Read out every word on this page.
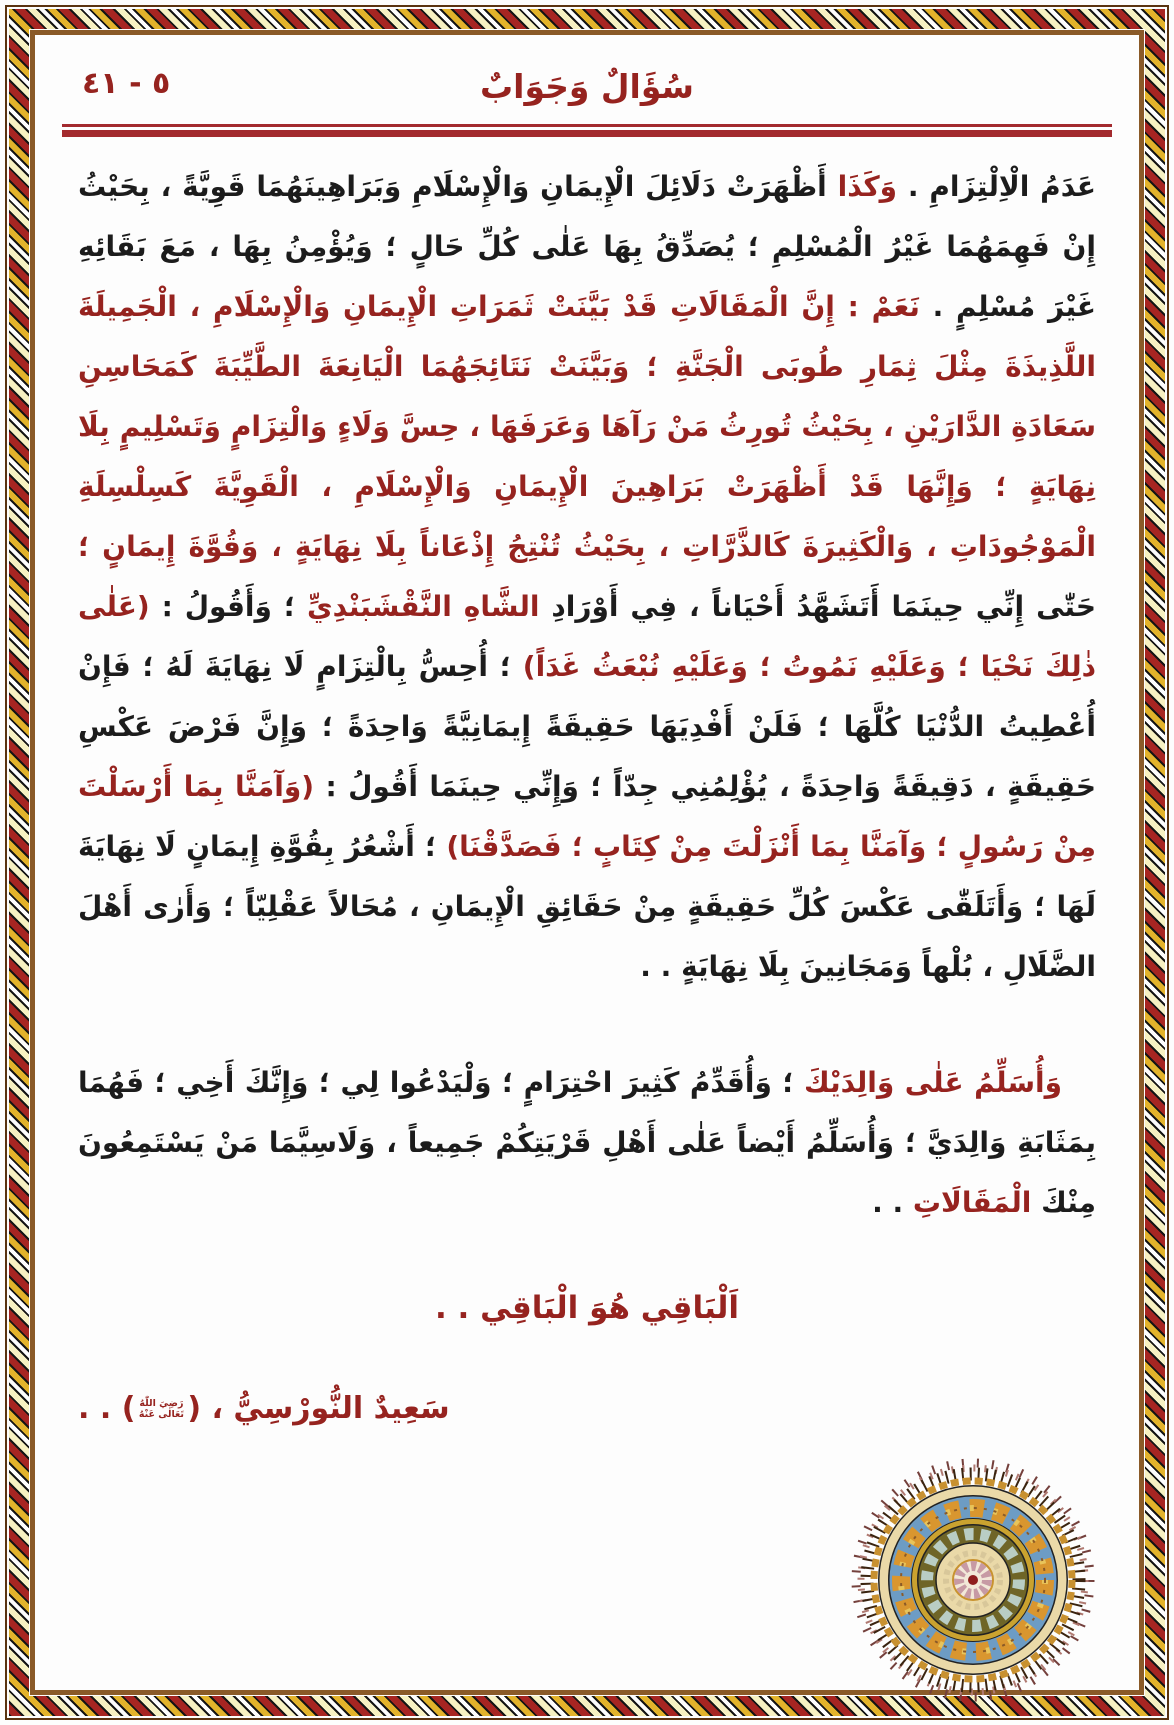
٥ - ٤١	سُؤَالٌ وَجَوَابٌ

عَدَمُ الْاِلْتِزَامِ . وَكَذَا أَظْهَرَتْ دَلَائِلَ الْإِيمَانِ وَالْإِسْلَامِ وَبَرَاهِينَهُمَا قَوِيَّةً ، بِحَيْثُ إِنْ فَهِمَهُمَا غَيْرُ الْمُسْلِمِ ؛ يُصَدِّقُ بِهَا عَلٰى كُلِّ حَالٍ ؛ وَيُؤْمِنُ بِهَا ، مَعَ بَقَائِهِ غَيْرَ مُسْلِمٍ . نَعَمْ : إِنَّ الْمَقَالَاتِ قَدْ بَيَّنَتْ ثَمَرَاتِ الْإِيمَانِ وَالْإِسْلَامِ ، الْجَمِيلَةَ اللَّذِيذَةَ مِثْلَ ثِمَارِ طُوبَى الْجَنَّةِ ؛ وَبَيَّنَتْ نَتَائِجَهُمَا الْيَانِعَةَ الطَّيِّبَةَ كَمَحَاسِنِ سَعَادَةِ الدَّارَيْنِ ، بِحَيْثُ تُورِثُ مَنْ رَآهَا وَعَرَفَهَا ، حِسَّ وَلَاءٍ وَالْتِزَامٍ وَتَسْلِيمٍ بِلَا نِهَايَةٍ ؛ وَإِنَّهَا قَدْ أَظْهَرَتْ بَرَاهِينَ الْإِيمَانِ وَالْإِسْلَامِ ، الْقَوِيَّةَ كَسِلْسِلَةِ الْمَوْجُودَاتِ ، وَالْكَثِيرَةَ كَالذَّرَّاتِ ، بِحَيْثُ تُنْتِجُ إِذْعَاناً بِلَا نِهَايَةٍ ، وَقُوَّةَ إِيمَانٍ ؛ حَتّٰى إِنِّي حِينَمَا أَتَشَهَّدُ أَحْيَاناً ، فِي أَوْرَادِ الشَّاهِ النَّقْشَبَنْدِيِّ ؛ وَأَقُولُ : (عَلٰى ذٰلِكَ نَحْيَا ؛ وَعَلَيْهِ نَمُوتُ ؛ وَعَلَيْهِ نُبْعَثُ غَدَاً) ؛ أُحِسُّ بِالْتِزَامٍ لَا نِهَايَةَ لَهُ ؛ فَإِنْ أُعْطِيتُ الدُّنْيَا كُلَّهَا ؛ فَلَنْ أَفْدِيَهَا حَقِيقَةً إِيمَانِيَّةً وَاحِدَةً ؛ وَإِنَّ فَرْضَ عَكْسِ حَقِيقَةٍ ، دَقِيقَةً وَاحِدَةً ، يُؤْلِمُنِي جِدّاً ؛ وَإِنِّي حِينَمَا أَقُولُ : (وَآمَنَّا بِمَا أَرْسَلْتَ مِنْ رَسُولٍ ؛ وَآمَنَّا بِمَا أَنْزَلْتَ مِنْ كِتَابٍ ؛ فَصَدَّقْنَا) ؛ أَشْعُرُ بِقُوَّةِ إِيمَانٍ لَا نِهَايَةَ لَهَا ؛ وَأَتَلَقّٰى عَكْسَ كُلِّ حَقِيقَةٍ مِنْ حَقَائِقِ الْإِيمَانِ ، مُحَالاً عَقْلِيّاً ؛ وَأَرٰى أَهْلَ الضَّلَالِ ، بُلْهاً وَمَجَانِينَ بِلَا نِهَايَةٍ . .

وَأُسَلِّمُ عَلٰى وَالِدَيْكَ ؛ وَأُقَدِّمُ كَثِيرَ احْتِرَامٍ ؛ وَلْيَدْعُوا لِي ؛ وَإِنَّكَ أَخِي ؛ فَهُمَا بِمَثَابَةِ وَالِدَيَّ ؛ وَأُسَلِّمُ أَيْضاً عَلٰى أَهْلِ قَرْيَتِكُمْ جَمِيعاً ، وَلَاسِيَّمَا مَنْ يَسْتَمِعُونَ مِنْكَ الْمَقَالَاتِ . .

اَلْبَاقِي هُوَ الْبَاقِي . .
سَعِيدٌ النُّورْسِيُّ ، (رَضِيَ اللّٰهُ تَعَالٰى عَنْهُ) . .
